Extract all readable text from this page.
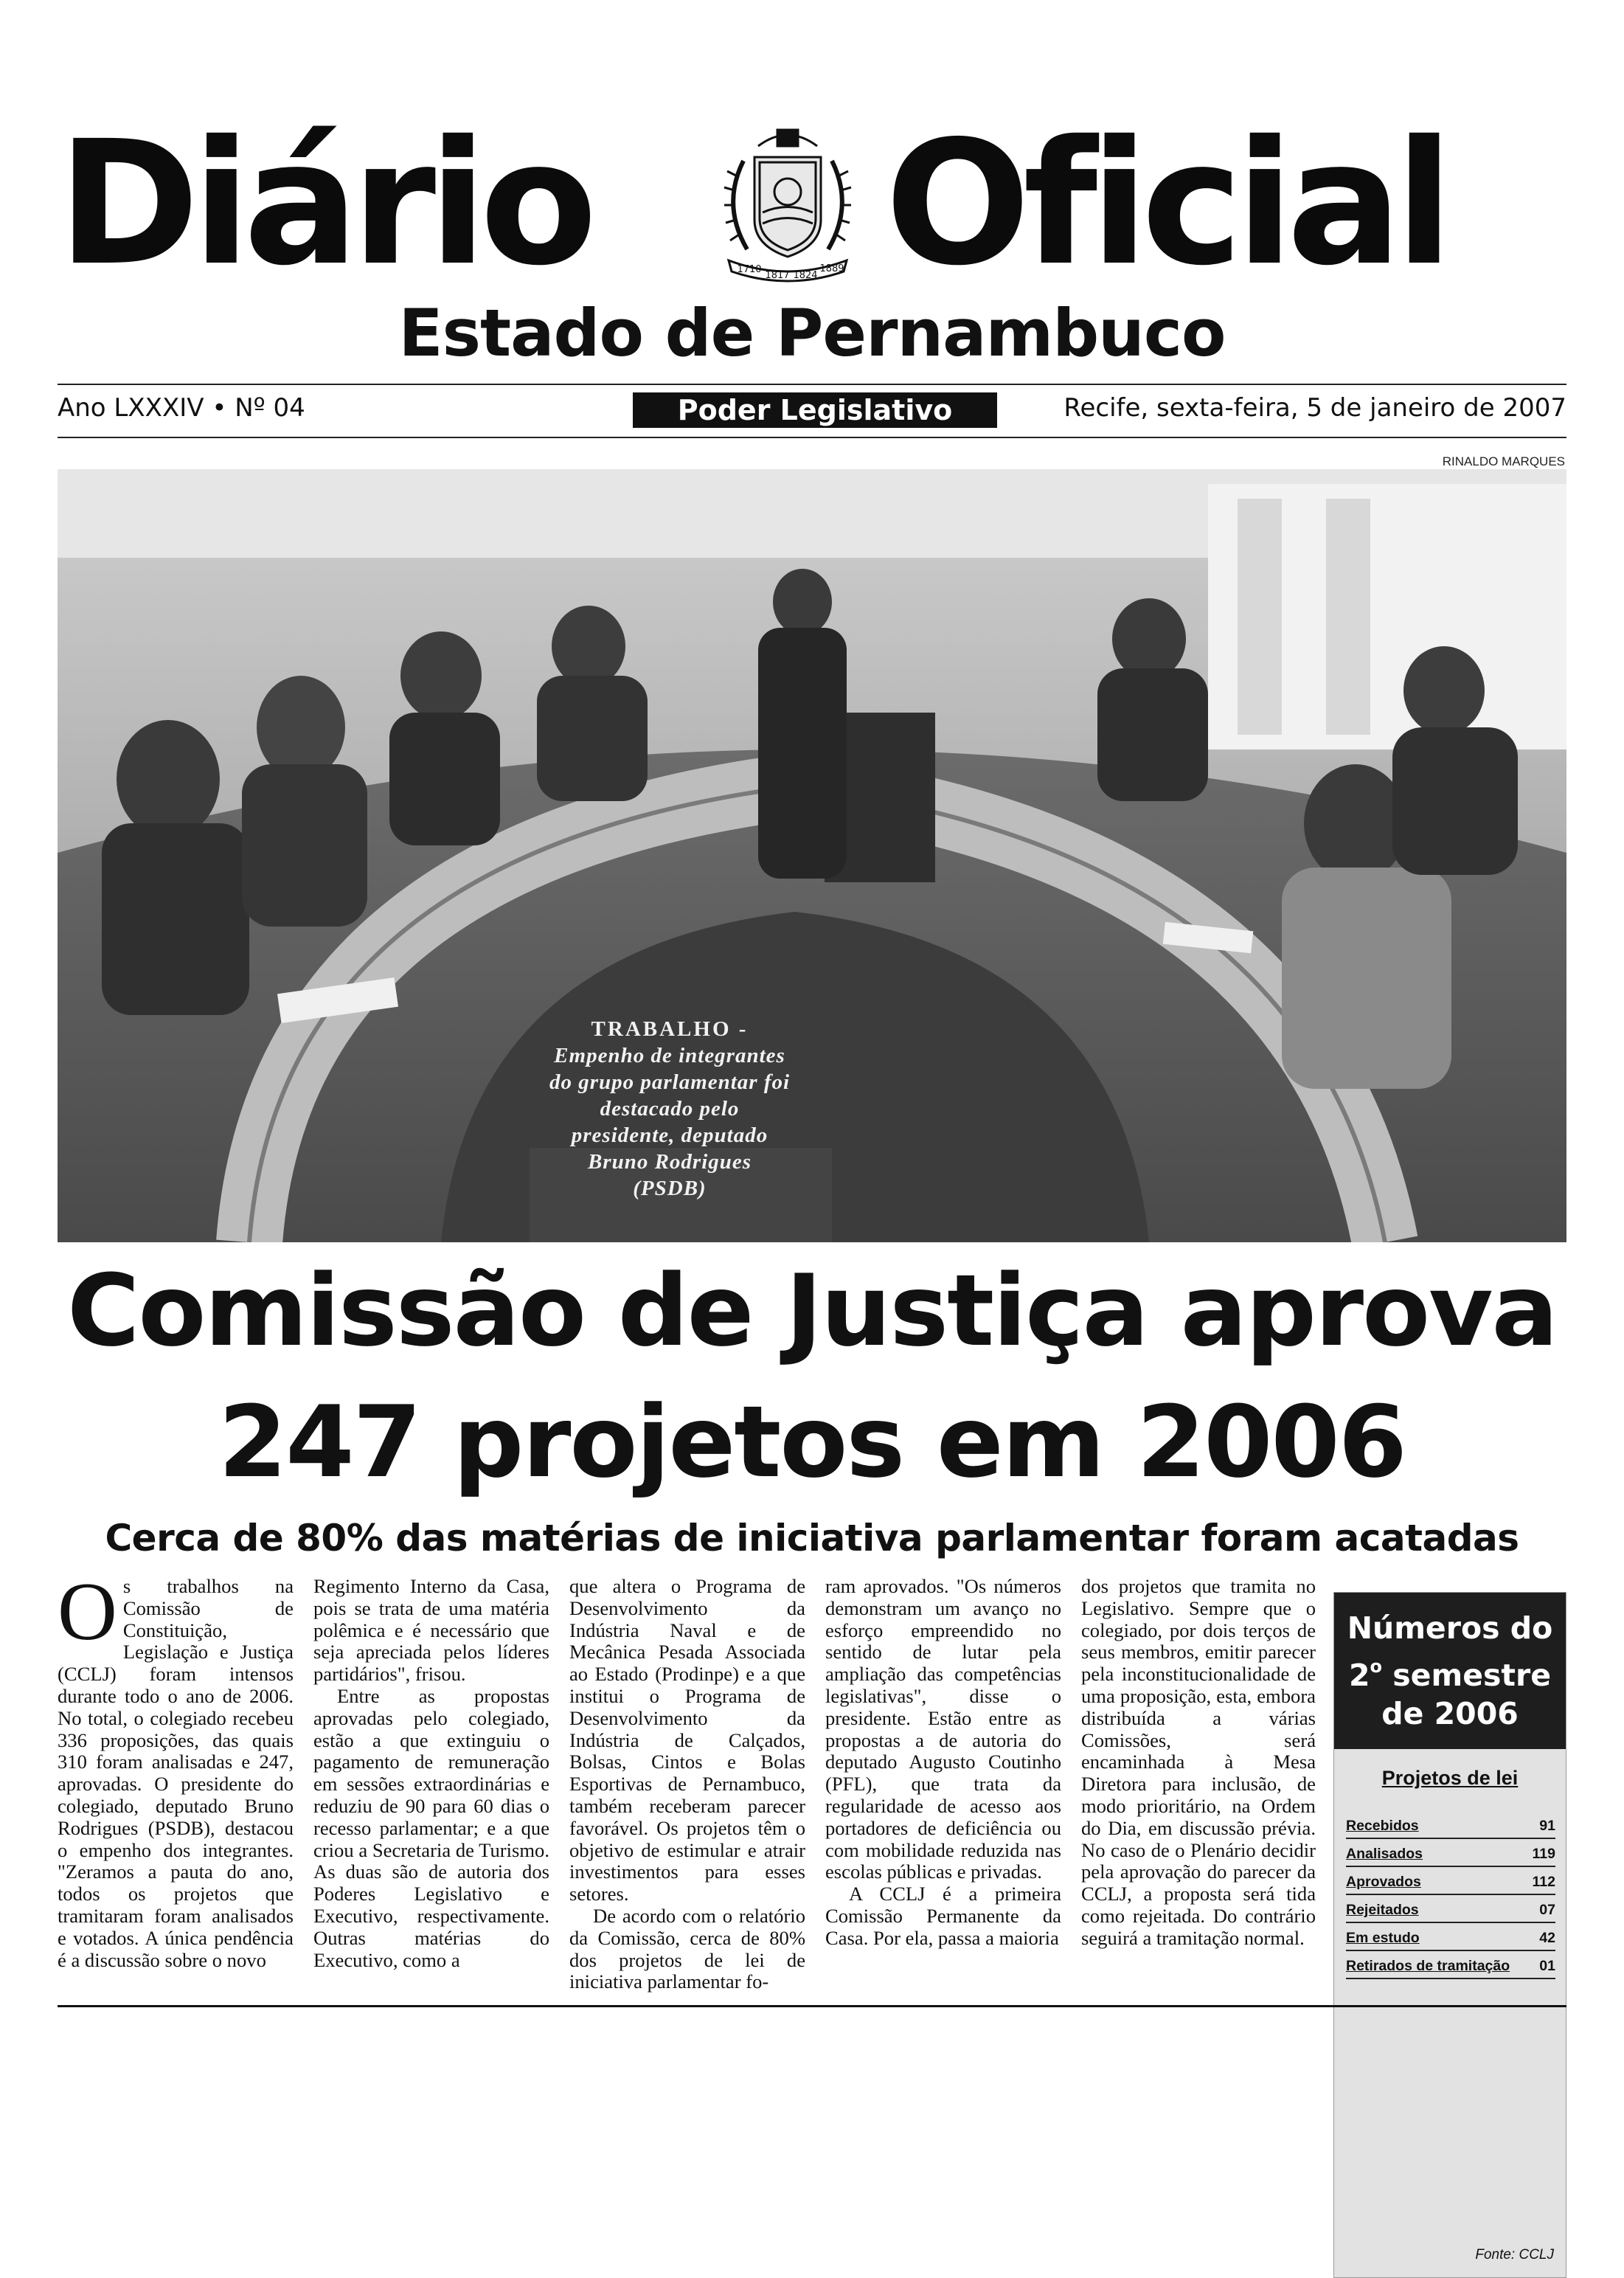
Diário	1710
1817 1824
1889 Oficial
Estado de Pernambuco
Ano LXXXIV • Nº 04	Poder Legislativo	Recife, sexta-feira, 5 de janeiro de 2007
RINALDO MARQUES
TRABALHO -
Empenho de integrantes do grupo parlamentar foi destacado pelo presidente, deputado Bruno Rodrigues (PSDB)
Comissão de Justiça aprova
247 projetos em 2006
Cerca de 80% das matérias de iniciativa parlamentar foram acatadas
O s trabalhos na Comissão de Constituição, Legislação e Justiça (CCLJ) foram intensos durante todo o ano de 2006. No total, o colegiado recebeu 336 proposições, das quais 310 foram analisadas e 247, aprovadas. O presidente do colegiado, deputado Bruno Rodrigues (PSDB), destacou o empenho dos integrantes. "Zeramos a pauta do ano, todos os projetos que tramitaram foram analisados e votados. A única pendência é a discussão sobre o novo

Regimento Interno da Casa, pois se trata de uma matéria polêmica e é necessário que seja apreciada pelos líderes partidários", frisou.

Entre as propostas aprovadas pelo colegiado, estão a que extinguiu o pagamento de remuneração em sessões extraordinárias e reduziu de 90 para 60 dias o recesso parlamentar; e a que criou a Secretaria de Turismo. As duas são de autoria dos Poderes Legislativo e Executivo, respectivamente. Outras matérias do Executivo, como a

que altera o Programa de Desenvolvimento da Indústria Naval e de Mecânica Pesada Associada ao Estado (Prodinpe) e a que institui o Programa de Desenvolvimento da Indústria de Calçados, Bolsas, Cintos e Bolas Esportivas de Pernambuco, também receberam parecer favorável. Os projetos têm o objetivo de estimular e atrair investimentos para esses setores.

De acordo com o relatório da Comissão, cerca de 80% dos projetos de lei de iniciativa parlamentar fo-

ram aprovados. "Os números demonstram um avanço no esforço empreendido no sentido de lutar pela ampliação das competências legislativas", disse o presidente. Estão entre as propostas a de autoria do deputado Augusto Coutinho (PFL), que trata da regularidade de acesso aos portadores de deficiência ou com mobilidade reduzida nas escolas públicas e privadas.

A CCLJ é a primeira Comissão Permanente da Casa. Por ela, passa a maioria

dos projetos que tramita no Legislativo. Sempre que o colegiado, por dois terços de seus membros, emitir parecer pela inconstitucionalidade de uma proposição, esta, embora distribuída a várias Comissões, será encaminhada à Mesa Diretora para inclusão, de modo prioritário, na Ordem do Dia, em discussão prévia. No caso de o Plenário decidir pela aprovação do parecer da CCLJ, a proposta será tida como rejeitada. Do contrário seguirá a tramitação normal.

Números do
2$^o$ semestre
de 2006
Projetos de lei
Recebidos	91
Analisados	119
Aprovados	112
Rejeitados	07
Em estudo	42
Retirados de tramitação 01
Fonte: CCLJ
